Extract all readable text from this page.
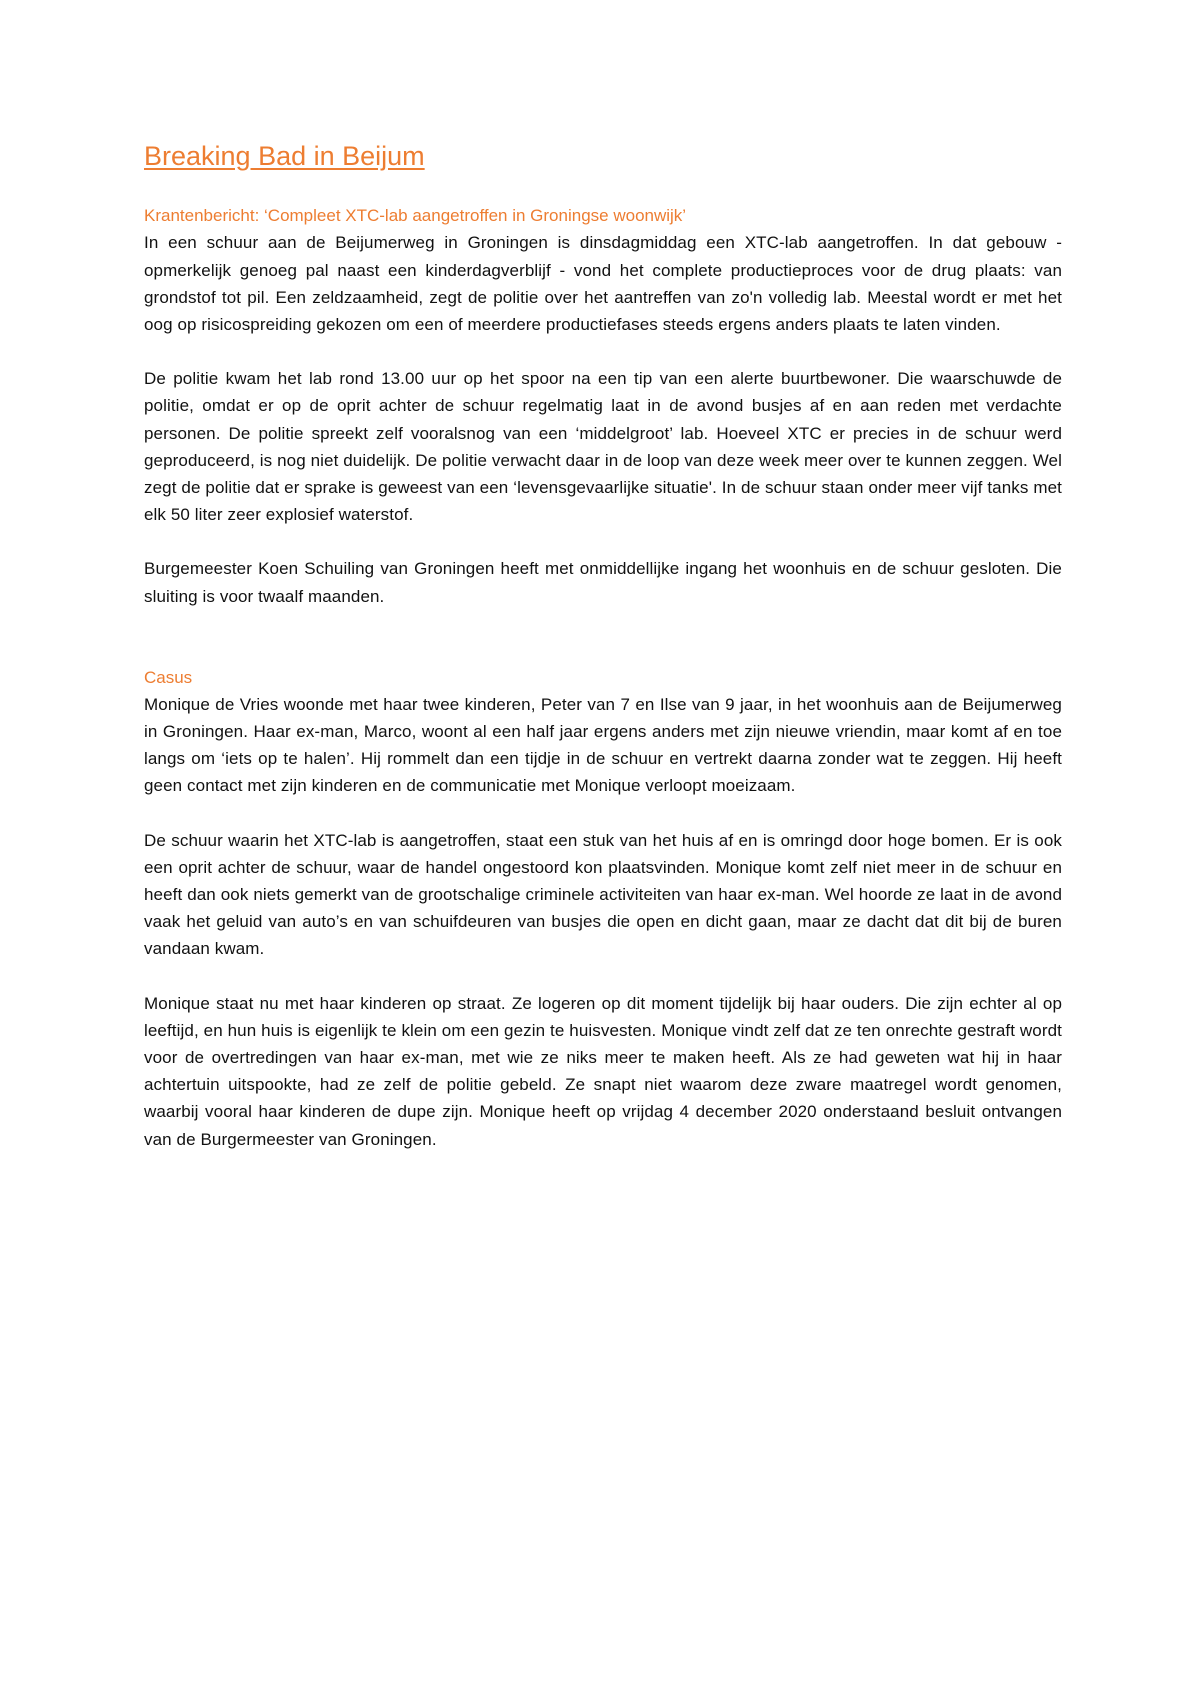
Breaking Bad in Beijum
Krantenbericht: ‘Compleet XTC-lab aangetroffen in Groningse woonwijk’

In een schuur aan de Beijumerweg in Groningen is dinsdagmiddag een XTC-lab aangetroffen. In dat gebouw - opmerkelijk genoeg pal naast een kinderdagverblijf - vond het complete productieproces voor de drug plaats: van grondstof tot pil. Een zeldzaamheid, zegt de politie over het aantreffen van zo'n volledig lab. Meestal wordt er met het oog op risicospreiding gekozen om een of meerdere productiefases steeds ergens anders plaats te laten vinden.

De politie kwam het lab rond 13.00 uur op het spoor na een tip van een alerte buurtbewoner. Die waarschuwde de politie, omdat er op de oprit achter de schuur regelmatig laat in de avond busjes af en aan reden met verdachte personen. De politie spreekt zelf vooralsnog van een ‘middelgroot’ lab. Hoeveel XTC er precies in de schuur werd geproduceerd, is nog niet duidelijk. De politie verwacht daar in de loop van deze week meer over te kunnen zeggen. Wel zegt de politie dat er sprake is geweest van een ‘levensgevaarlijke situatie'. In de schuur staan onder meer vijf tanks met elk 50 liter zeer explosief waterstof.

Burgemeester Koen Schuiling van Groningen heeft met onmiddellijke ingang het woonhuis en de schuur gesloten. Die sluiting is voor twaalf maanden.

Casus

Monique de Vries woonde met haar twee kinderen, Peter van 7 en Ilse van 9 jaar, in het woonhuis aan de Beijumerweg in Groningen. Haar ex-man, Marco, woont al een half jaar ergens anders met zijn nieuwe vriendin, maar komt af en toe langs om ‘iets op te halen’. Hij rommelt dan een tijdje in de schuur en vertrekt daarna zonder wat te zeggen. Hij heeft geen contact met zijn kinderen en de communicatie met Monique verloopt moeizaam.

De schuur waarin het XTC-lab is aangetroffen, staat een stuk van het huis af en is omringd door hoge bomen. Er is ook een oprit achter de schuur, waar de handel ongestoord kon plaatsvinden. Monique komt zelf niet meer in de schuur en heeft dan ook niets gemerkt van de grootschalige criminele activiteiten van haar ex-man. Wel hoorde ze laat in de avond vaak het geluid van auto’s en van schuifdeuren van busjes die open en dicht gaan, maar ze dacht dat dit bij de buren vandaan kwam.

Monique staat nu met haar kinderen op straat. Ze logeren op dit moment tijdelijk bij haar ouders. Die zijn echter al op leeftijd, en hun huis is eigenlijk te klein om een gezin te huisvesten. Monique vindt zelf dat ze ten onrechte gestraft wordt voor de overtredingen van haar ex-man, met wie ze niks meer te maken heeft. Als ze had geweten wat hij in haar achtertuin uitspookte, had ze zelf de politie gebeld. Ze snapt niet waarom deze zware maatregel wordt genomen, waarbij vooral haar kinderen de dupe zijn. Monique heeft op vrijdag 4 december 2020 onderstaand besluit ontvangen van de Burgermeester van Groningen.
